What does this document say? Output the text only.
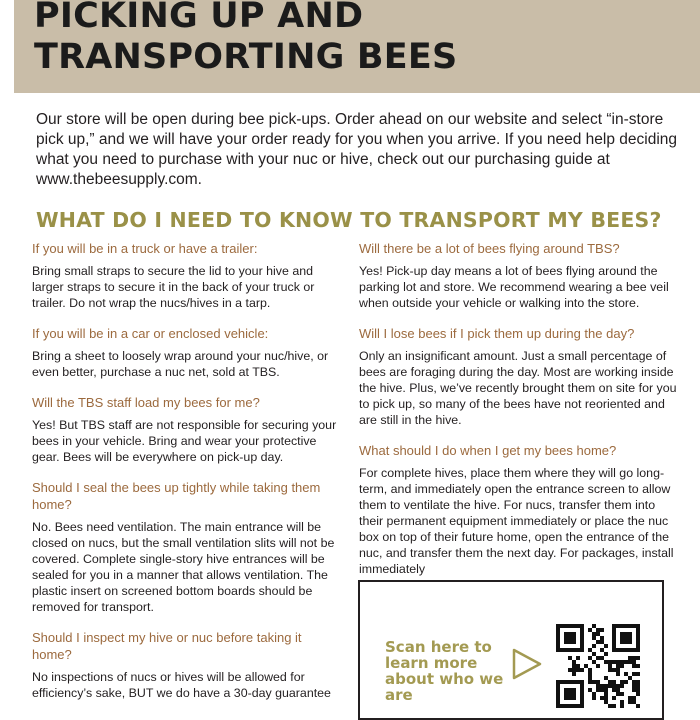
PICKING UP AND
TRANSPORTING BEES

Our store will be open during bee pick-ups. Order ahead on our website and select “in-store pick up,” and we will have your order ready for you when you arrive. If you need help deciding what you need to purchase with your nuc or hive, check out our purchasing guide at www.thebeesupply.com.

WHAT DO I NEED TO KNOW TO TRANSPORT MY BEES?

If you will be in a truck or have a trailer:

Bring small straps to secure the lid to your hive and larger straps to secure it in the back of your truck or trailer. Do not wrap the nucs/hives in a tarp.

If you will be in a car or enclosed vehicle:

Bring a sheet to loosely wrap around your nuc/hive, or even better, purchase a nuc net, sold at TBS.

Will the TBS staff load my bees for me?

Yes! But TBS staff are not responsible for securing your bees in your vehicle. Bring and wear your protective gear. Bees will be everywhere on pick-up day.

Should I seal the bees up tightly while taking them home?

No. Bees need ventilation. The main entrance will be closed on nucs, but the small ventilation slits will not be covered. Complete single-story hive entrances will be sealed for you in a manner that allows ventilation. The plastic insert on screened bottom boards should be removed for transport.

Should I inspect my hive or nuc before taking it home?

No inspections of nucs or hives will be allowed for efficiency’s sake, BUT we do have a 30-day guarantee

Will there be a lot of bees flying around TBS?

Yes! Pick-up day means a lot of bees flying around the parking lot and store. We recommend wearing a bee veil when outside your vehicle or walking into the store.

Will I lose bees if I pick them up during the day?

Only an insignificant amount. Just a small percentage of bees are foraging during the day. Most are working inside the hive. Plus, we’ve recently brought them on site for you to pick up, so many of the bees have not reoriented and are still in the hive.

What should I do when I get my bees home?

For complete hives, place them where they will go long-term, and immediately open the entrance screen to allow them to ventilate the hive. For nucs, transfer them into their permanent equipment immediately or place the nuc box on top of their future home, open the entrance of the nuc, and transfer them the next day. For packages, install immediately

Scan here to learn more about who we are
